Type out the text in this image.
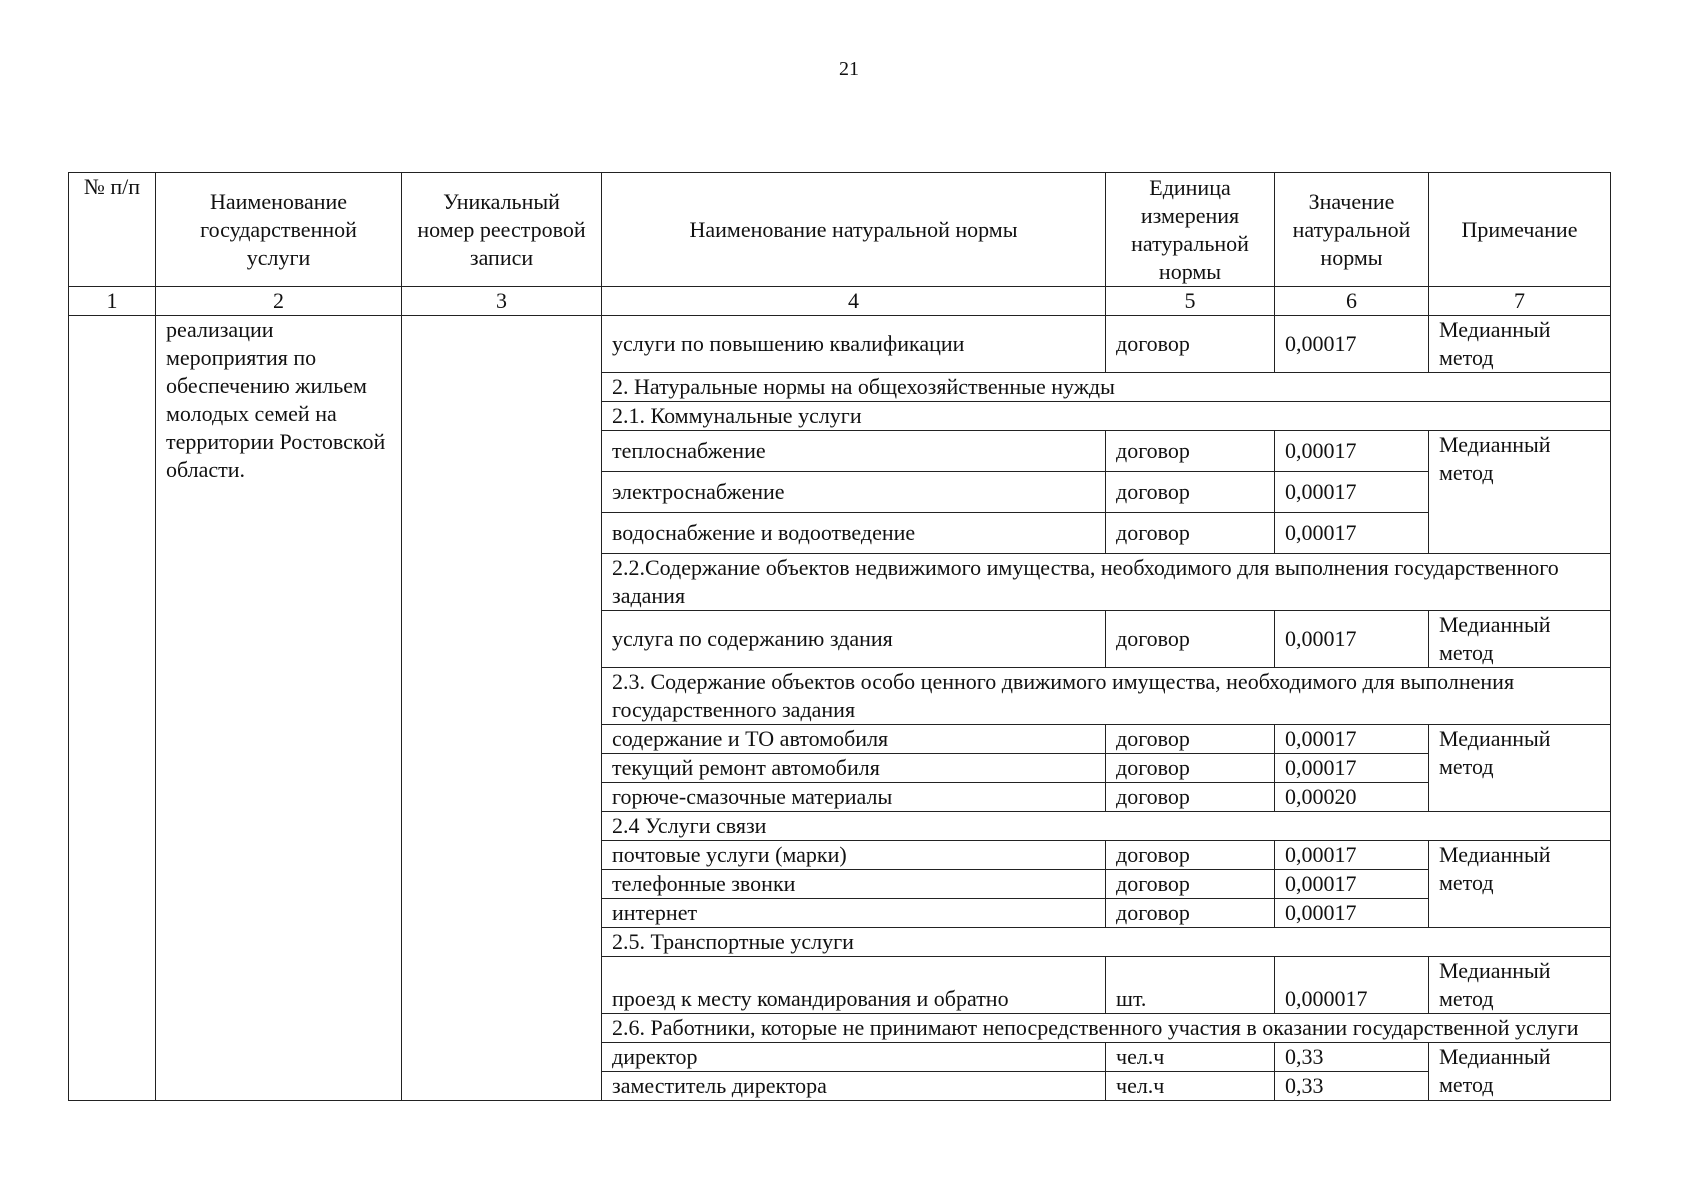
21
№ п/п	Наименование государственной услуги	Уникальный номер реестровой записи	Наименование натуральной нормы	Единица измерения натуральной нормы	Значение натуральной нормы	Примечание
1	2	3	4	5	6	7
	реализации мероприятия по обеспечению жильем молодых семей на территории Ростовской области.		услуги по повышению квалификации	договор	0,00017	Медианный метод
			2. Натуральные нормы на общехозяйственные нужды			
			2.1. Коммунальные услуги			
			теплоснабжение	договор	0,00017	Медианный метод
			электроснабжение	договор	0,00017	
			водоснабжение и водоотведение	договор	0,00017	
			2.2.Содержание объектов недвижимого имущества, необходимого для выполнения государственного задания			
			услуга по содержанию здания	договор	0,00017	Медианный метод
			2.3. Содержание объектов особо ценного движимого имущества, необходимого для выполнения государственного задания			
			содержание и ТО автомобиля	договор	0,00017	Медианный метод
			текущий ремонт автомобиля	договор	0,00017	
			горюче-смазочные материалы	договор	0,00020	
			2.4 Услуги связи			
			почтовые услуги (марки)	договор	0,00017	Медианный метод
			телефонные звонки	договор	0,00017	
			интернет	договор	0,00017	
			2.5. Транспортные услуги			
			проезд к месту командирования и обратно	шт.	0,000017	Медианный метод
			2.6. Работники, которые не принимают непосредственного участия в оказании государственной услуги			
			директор	чел.ч	0,33	Медианный метод
			заместитель директора	чел.ч	0,33	
